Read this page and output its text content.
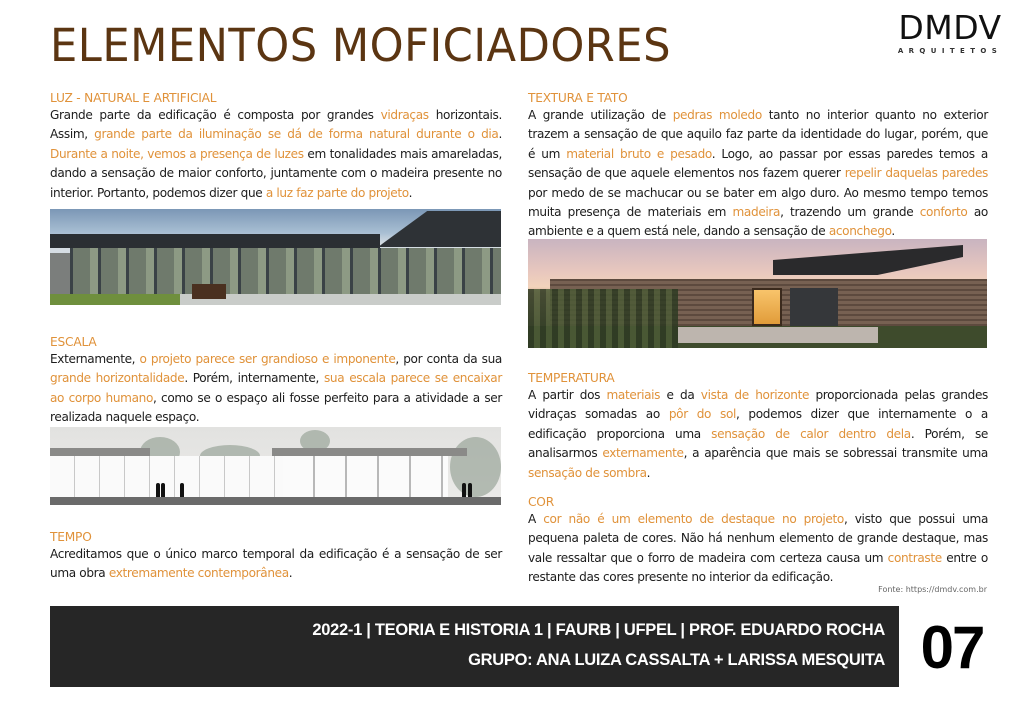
ELEMENTOS MOFICIADORES	DMDV
ARQUITETOS
LUZ - NATURAL E ARTIFICIAL

Grande parte da edificação é composta por grandes vidraças horizontais. Assim, grande parte da iluminação se dá de forma natural durante o dia. Durante a noite, vemos a presença de luzes em tonalidades mais amareladas, dando a sensação de maior conforto, juntamente com o madeira presente no interior. Portanto, podemos dizer que a luz faz parte do projeto.

ESCALA

Externamente, o projeto parece ser grandioso e imponente, por conta da sua grande horizontalidade. Porém, internamente, sua escala parece se encaixar ao corpo humano, como se o espaço ali fosse perfeito para a atividade a ser realizada naquele espaço.

TEMPO

Acreditamos que o único marco temporal da edificação é a sensação de ser uma obra extremamente contemporânea.

TEXTURA E TATO

A grande utilização de pedras moledo tanto no interior quanto no exterior trazem a sensação de que aquilo faz parte da identidade do lugar, porém, que é um material bruto e pesado. Logo, ao passar por essas paredes temos a sensação de que aquele elementos nos fazem querer repelir daquelas paredes por medo de se machucar ou se bater em algo duro. Ao mesmo tempo temos muita presença de materiais em madeira, trazendo um grande conforto ao ambiente e a quem está nele, dando a sensação de aconchego.

TEMPERATURA

A partir dos materiais e da vista de horizonte proporcionada pelas grandes vidraças somadas ao pôr do sol, podemos dizer que internamente o a edificação proporciona uma sensação de calor dentro dela. Porém, se analisarmos externamente, a aparência que mais se sobressai transmite uma sensação de sombra.

COR

A cor não é um elemento de destaque no projeto, visto que possui uma pequena paleta de cores. Não há nenhum elemento de grande destaque, mas vale ressaltar que o forro de madeira com certeza causa um contraste entre o restante das cores presente no interior da edificação.

Fonte: https://dmdv.com.br
2022-1 | TEORIA E HISTORIA 1 | FAURB | UFPEL | PROF. EDUARDO ROCHA
GRUPO: ANA LUIZA CASSALTA + LARISSA MESQUITA 07
